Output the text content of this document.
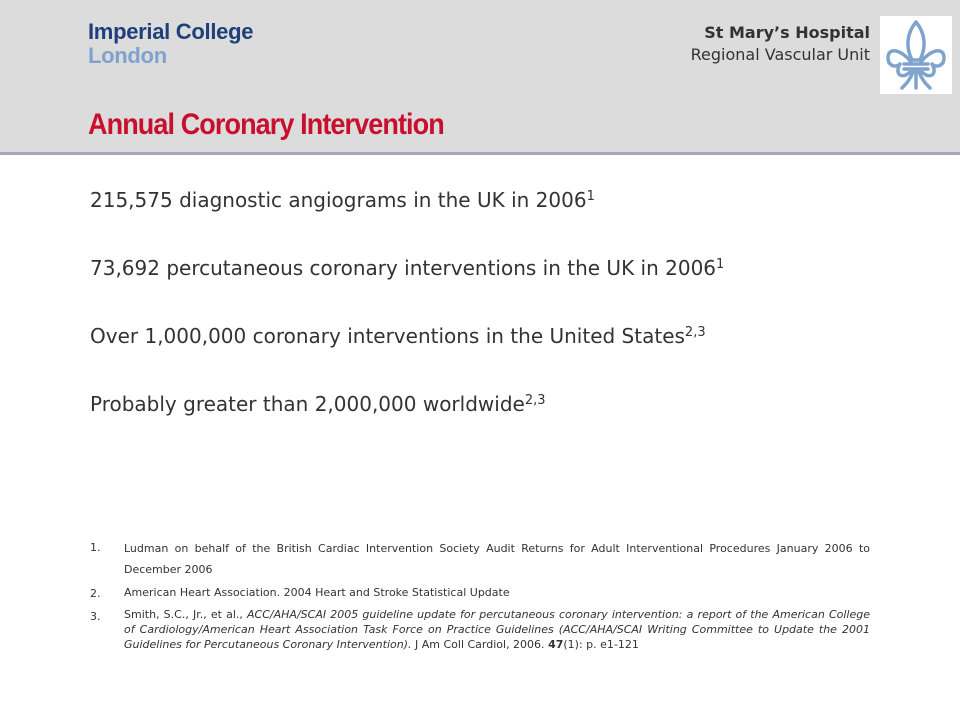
Imperial College
London
St Mary’s Hospital
Regional Vascular Unit
Annual Coronary Intervention
215,575 diagnostic angiograms in the UK in 2006$^1$
73,692 percutaneous coronary interventions in the UK in 2006$^1$
Over 1,000,000 coronary interventions in the United States$^{2,3}$
Probably greater than 2,000,000 worldwide$^{2,3}$
1.	Ludman on behalf of the British Cardiac Intervention Society Audit Returns for Adult Interventional Procedures January 2006 to December 2006
2.	American Heart Association. 2004 Heart and Stroke Statistical Update
3.	Smith, S.C., Jr., et al., ACC/AHA/SCAI 2005 guideline update for percutaneous coronary intervention: a report of the American College of Cardiology/American Heart Association Task Force on Practice Guidelines (ACC/AHA/SCAI Writing Committee to Update the 2001 Guidelines for Percutaneous Coronary Intervention). J Am Coll Cardiol, 2006. 47(1): p. e1-121
